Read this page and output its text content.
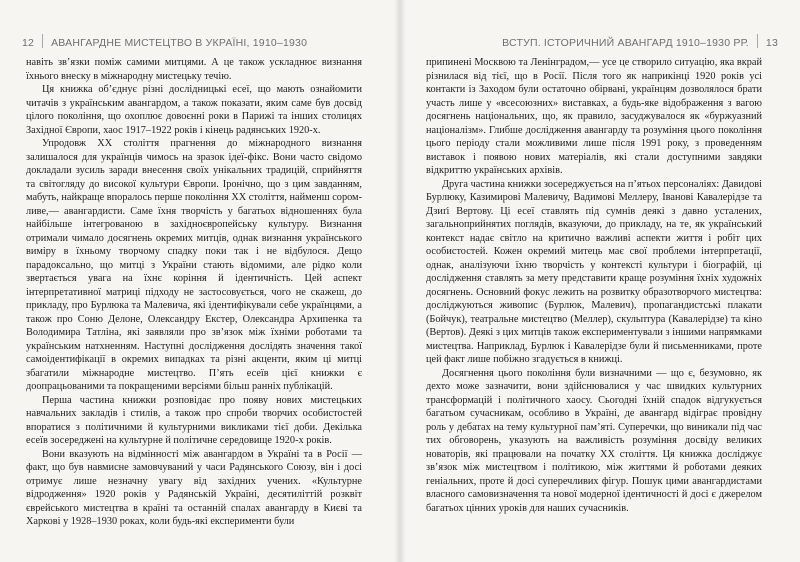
12 АВАНГАРДНЕ МИСТЕЦТВО В УКРАЇНІ, 1910–1930

навіть зв’язки поміж самими митцями. А це також ускладнює визнання їхнього внеску в міжнародну мистецьку течію.

Ця книжка об’єднує різні дослідницькі есеї, що мають ознайомити читачів з українським авангардом, а також показати, яким саме був досвід цілого покоління, що охоплює довоєнні роки в Парижі та інших столицях Західної Європи, хаос 1917–1922 років і кінець радянських 1920-х.

Упродовж XX століття прагнення до міжнародного визнання залишалося для українців чимось на зразок ідеї-фікс. Вони часто свідомо докладали зусиль заради внесення своїх унікальних традицій, сприйняття та світогляду до високої культури Європи. Іронічно, що з цим завданням, мабуть, найкраще впоралось перше покоління XX століття, найменш соромливе,— авангардисти. Саме їхня творчість у багатьох відношеннях була найбільше інтегрованою в західноєвропейську культуру. Визнання отримали чимало досягнень окремих митців, однак визнання українського виміру в їхньому творчому спадку поки так і не відбулося. Дещо парадоксально, що митці з України стають відомими, але рідко коли звертається увага на їхнє коріння й ідентичність. Цей аспект інтерпретативної матриці підходу не застосовується, чого не скажеш, до прикладу, про Бурлюка та Малевича, які ідентифікували себе українцями, а також про Соню Делоне, Олександру Екстер, Олександра Архипенка та Володимира Татліна, які заявляли про зв’язок між їхніми роботами та українським натхненням. Наступні дослідження дослідять значення такої самоідентифікації в окремих випадках та різні акценти, яким ці митці збагатили міжнародне мистецтво. П’ять есеїв цієї книжки є доопрацьованими та покращеними версіями більш ранніх публікацій.

Перша частина книжки розповідає про появу нових мистецьких навчальних закладів і стилів, а також про спроби творчих особистостей впоратися з політичними й культурними викликами тієї доби. Декілька есеїв зосереджені на культурне й політичне середовище 1920-х років.

Вони вказують на відмінності між авангардом в Україні та в Росії — факт, що був навмисне замовчуваний у часи Радянського Союзу, він і досі отримує лише незначну увагу від західних учених. «Культурне відродження» 1920 років у Радянській Україні, десятиліттій розквіт єврейського мистецтва в країні та останній спалах авангарду в Києві та Харкові у 1928–1930 роках, коли будь-які експерименти були

ВСТУП. ІСТОРИЧНИЙ АВАНГАРД 1910–1930 РР. 13

припинені Москвою та Ленінградом,— усе це створило ситуацію, яка вкрай різнилася від тієї, що в Росії. Після того як наприкінці 1920 років усі контакти із Заходом були остаточно обірвані, українцям дозволялося брати участь лише у «всесоюзних» виставках, а будь-яке відображення з вагою досягнень національних, що, як правило, засуджувалося як «буржуазний націоналізм». Глибше дослідження авангарду та розуміння цього покоління цього періоду стали можливими лише після 1991 року, з проведенням виставок і появою нових матеріалів, які стали доступними завдяки відкриттю українських архівів.

Друга частина книжки зосереджується на п’ятьох персоналіях: Давидові Бурлюку, Казимирові Малевичу, Вадимові Меллеру, Іванові Кавалерідзе та Дзиґі Вертову. Ці есеї ставлять під сумнів деякі з давно усталених, загальноприйнятих поглядів, вказуючи, до прикладу, на те, як український контекст надає світло на критично важливі аспекти життя і робіт цих особистостей. Кожен окремий митець має свої проблеми інтерпретації, однак, аналізуючи їхню творчість у контексті культури і біографій, ці дослідження ставлять за мету представити краще розуміння їхніх художніх досягнень. Основний фокус лежить на розвитку образотворчого мистецтва: досліджуються живопис (Бурлюк, Малевич), пропагандистські плакати (Бойчук), театральне мистецтво (Меллер), скульптура (Кавалерідзе) та кіно (Вертов). Деякі з цих митців також експериментували з іншими напрямками мистецтва. Наприклад, Бурлюк і Кавалерідзе були й письменниками, проте цей факт лише побіжно згадується в книжці.

Досягнення цього покоління були визначними — що є, безумовно, як дехто може зазначити, вони здійснювалися у час швидких культурних трансформацій і політичного хаосу. Сьогодні їхній спадок відгукується багатьом сучасникам, особливо в Україні, де авангард відіграє провідну роль у дебатах на тему культурної пам’яті. Суперечки, що виникали під час тих обговорень, указують на важливість розуміння досвіду великих новаторів, які працювали на початку XX століття. Ця книжка досліджує зв’язок між мистецтвом і політикою, між життями й роботами деяких геніальних, проте й досі суперечливих фігур. Пошук цими авангардистами власного самовизначення та нової модерної ідентичності й досі є джерелом багатьох цінних уроків для наших сучасників.
